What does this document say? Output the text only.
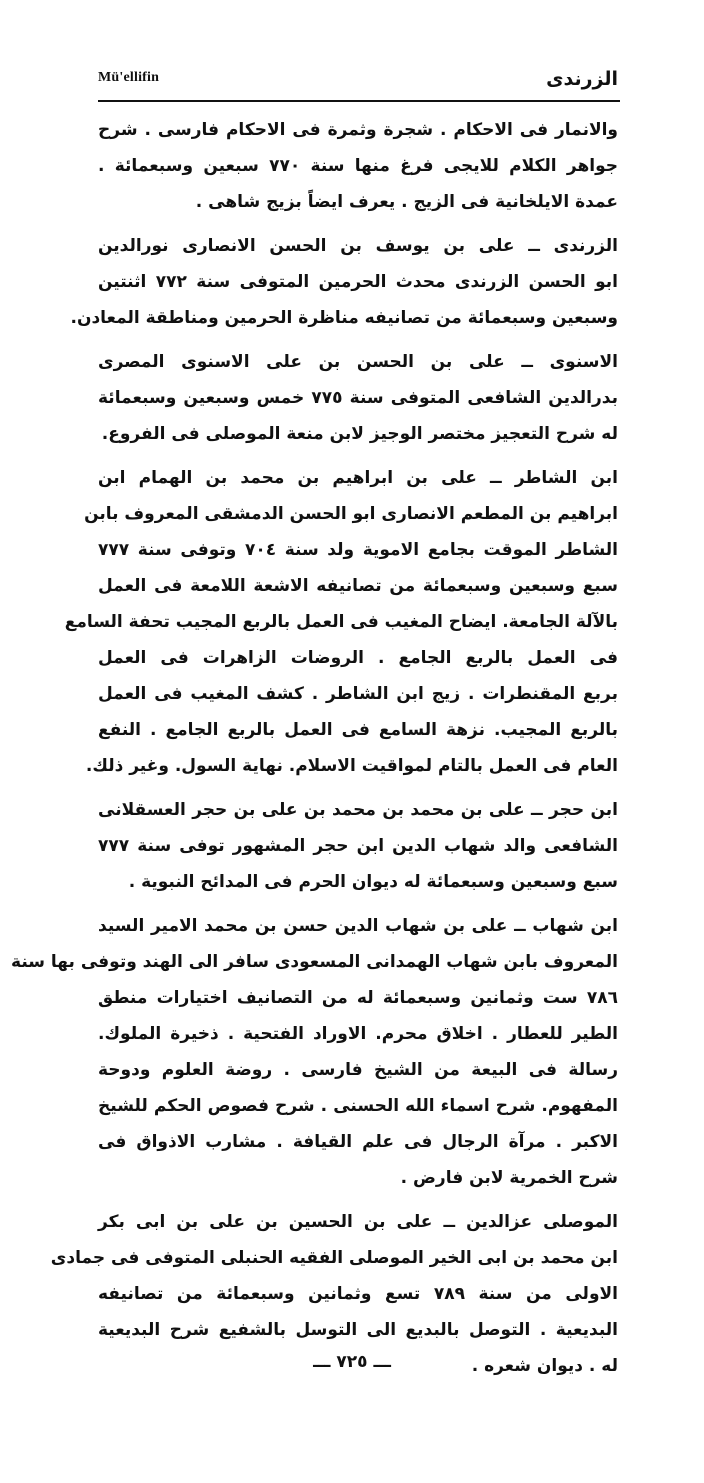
Mü'ellifin	الزرندى
والانمار فى الاحكام . شجرة وثمرة فى الاحكام فارسى . شرح
جواهر الكلام للايجى فرغ منها سنة ٧٧٠ سبعين وسبعمائة .
عمدة الايلخانية فى الزيج . يعرف ايضاً بزيج شاهى .
الزرندى ــ على بن يوسف بن الحسن الانصارى نورالدين
ابو الحسن الزرندى محدث الحرمين المتوفى سنة ٧٧٢ اثنتين
وسبعين وسبعمائة من تصانيفه مناظرة الحرمين ومناطقة المعادن.
الاسنوى ــ على بن الحسن بن على الاسنوى المصرى
بدرالدين الشافعى المتوفى سنة ٧٧٥ خمس وسبعين وسبعمائة
له شرح التعجيز مختصر الوجيز لابن منعة الموصلى فى الفروع.
ابن الشاطر ــ على بن ابراهيم بن محمد بن الهمام ابن
ابراهيم بن المطعم الانصارى ابو الحسن الدمشقى المعروف بابن
الشاطر الموقت بجامع الاموية ولد سنة ٧٠٤ وتوفى سنة ٧٧٧
سبع وسبعين وسبعمائة من تصانيفه الاشعة اللامعة فى العمل
بالآلة الجامعة. ايضاح المغيب فى العمل بالربع المجيب تحفة السامع
فى العمل بالربع الجامع . الروضات الزاهرات فى العمل
بربع المقنطرات . زيج ابن الشاطر . كشف المغيب فى العمل
بالربع المجيب. نزهة السامع فى العمل بالربع الجامع . النفع
العام فى العمل بالتام لمواقيت الاسلام. نهاية السول. وغير ذلك.
ابن حجر ــ على بن محمد بن محمد بن على بن حجر العسقلانى
الشافعى والد شهاب الدين ابن حجر المشهور توفى سنة ٧٧٧
سبع وسبعين وسبعمائة له ديوان الحرم فى المدائح النبوية .
ابن شهاب ــ على بن شهاب الدين حسن بن محمد الامير السيد
المعروف بابن شهاب الهمدانى المسعودى سافر الى الهند وتوفى بها سنة
٧٨٦ ست وثمانين وسبعمائة له من التصانيف اختيارات منطق
الطير للعطار . اخلاق محرم. الاوراد الفتحية . ذخيرة الملوك.
رسالة فى البيعة من الشيخ فارسى . روضة العلوم ودوحة
المفهوم. شرح اسماء الله الحسنى . شرح فصوص الحكم للشيخ
الاكبر . مرآة الرجال فى علم القيافة . مشارب الاذواق فى
شرح الخمرية لابن فارض .
الموصلى عزالدين ــ على بن الحسين بن على بن ابى بكر
ابن محمد بن ابى الخير الموصلى الفقيه الحنبلى المتوفى فى جمادى
الاولى من سنة ٧٨٩ تسع وثمانين وسبعمائة من تصانيفه
البديعية . التوصل بالبديع الى التوسل بالشفيع شرح البديعية
له . ديوان شعره .
ـــ ٧٢٥ ـــ
